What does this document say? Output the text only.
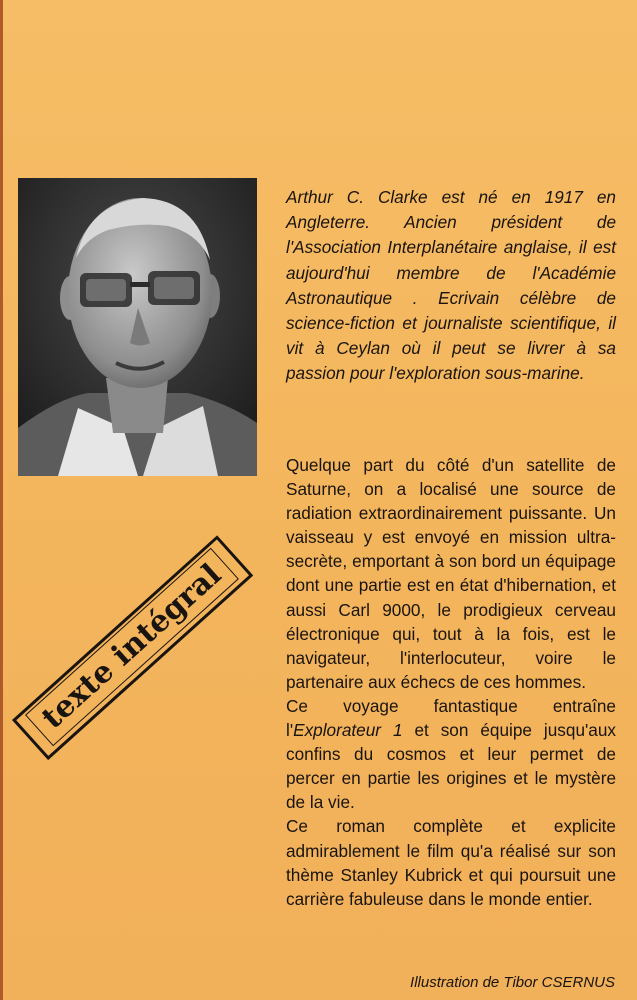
Arthur C. Clarke est né en 1917 en Angleterre. Ancien président de l'Association Interplanétaire anglaise, il est aujourd'hui membre de l'Académie Astronautique . Ecrivain célèbre de science-fiction et journaliste scientifique, il vit à Ceylan où il peut se livrer à sa passion pour l'exploration sous-marine.

Quelque part du côté d'un satellite de Saturne, on a localisé une source de radiation extraordinairement puissante. Un vaisseau y est envoyé en mission ultra-secrète, emportant à son bord un équipage dont une partie est en état d'hibernation, et aussi Carl 9000, le prodigieux cerveau électronique qui, tout à la fois, est le navigateur, l'interlocuteur, voire le partenaire aux échecs de ces hommes.

Ce voyage fantastique entraîne l'Explorateur 1 et son équipe jusqu'aux confins du cosmos et leur permet de percer en partie les origines et le mystère de la vie.

Ce roman complète et explicite admirablement le film qu'a réalisé sur son thème Stanley Kubrick et qui poursuit une carrière fabuleuse dans le monde entier.

texte intégral
Illustration de Tibor CSERNUS
